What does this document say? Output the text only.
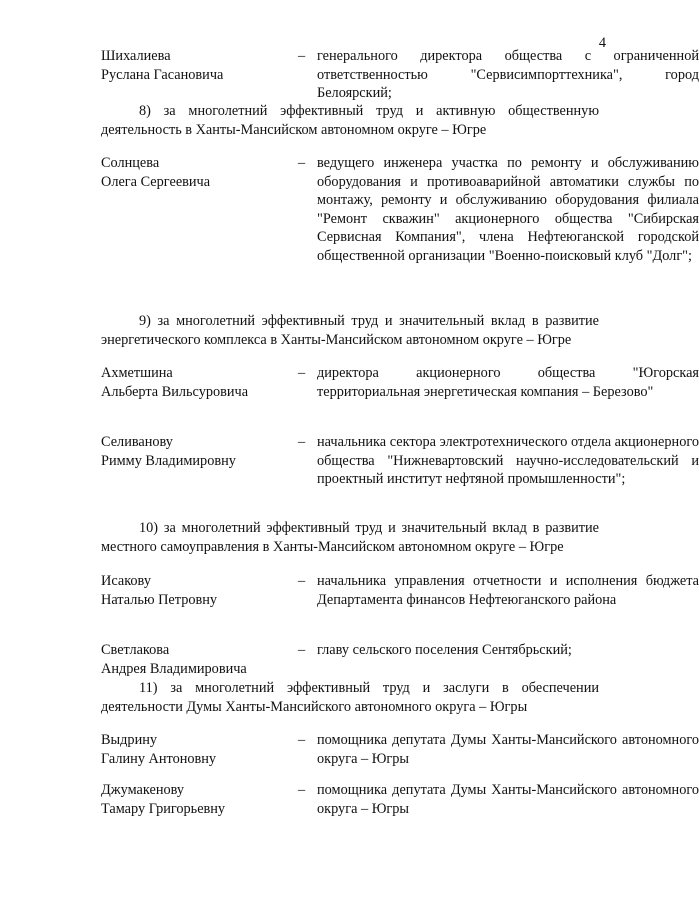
4
Шихалиева
Руслана Гасановича
– генерального директора общества с ограниченной ответственностью "Сервисимпорттехника", город Белоярский;
8) за многолетний эффективный труд и активную общественную деятельность в Ханты-Мансийском автономном округе – Югре
Солнцева
Олега Сергеевича
– ведущего инженера участка по ремонту и обслуживанию оборудования и противоаварийной автоматики службы по монтажу, ремонту и обслуживанию оборудования филиала "Ремонт скважин" акционерного общества "Сибирская Сервисная Компания", члена Нефтеюганской городской общественной организации "Военно-поисковый клуб "Долг";
9) за многолетний эффективный труд и значительный вклад в развитие энергетического комплекса в Ханты-Мансийском автономном округе – Югре
Ахметшина
Альберта Вильсуровича
– директора акционерного общества "Югорская территориальная энергетическая компания – Березово"
Селиванову
Римму Владимировну
– начальника сектора электротехнического отдела акционерного общества "Нижневартовский научно-исследовательский и проектный институт нефтяной промышленности";
10) за многолетний эффективный труд и значительный вклад в развитие местного самоуправления в Ханты-Мансийском автономном округе – Югре
Исакову
Наталью Петровну
– начальника управления отчетности и исполнения бюджета Департамента финансов Нефтеюганского района
Светлакова
Андрея Владимировича
– главу сельского поселения Сентябрьский;
11) за многолетний эффективный труд и заслуги в обеспечении деятельности Думы Ханты-Мансийского автономного округа – Югры
Выдрину
Галину Антоновну
– помощника депутата Думы Ханты-Мансийского автономного округа – Югры
Джумакенову
Тамару Григорьевну
– помощника депутата Думы Ханты-Мансийского автономного округа – Югры
